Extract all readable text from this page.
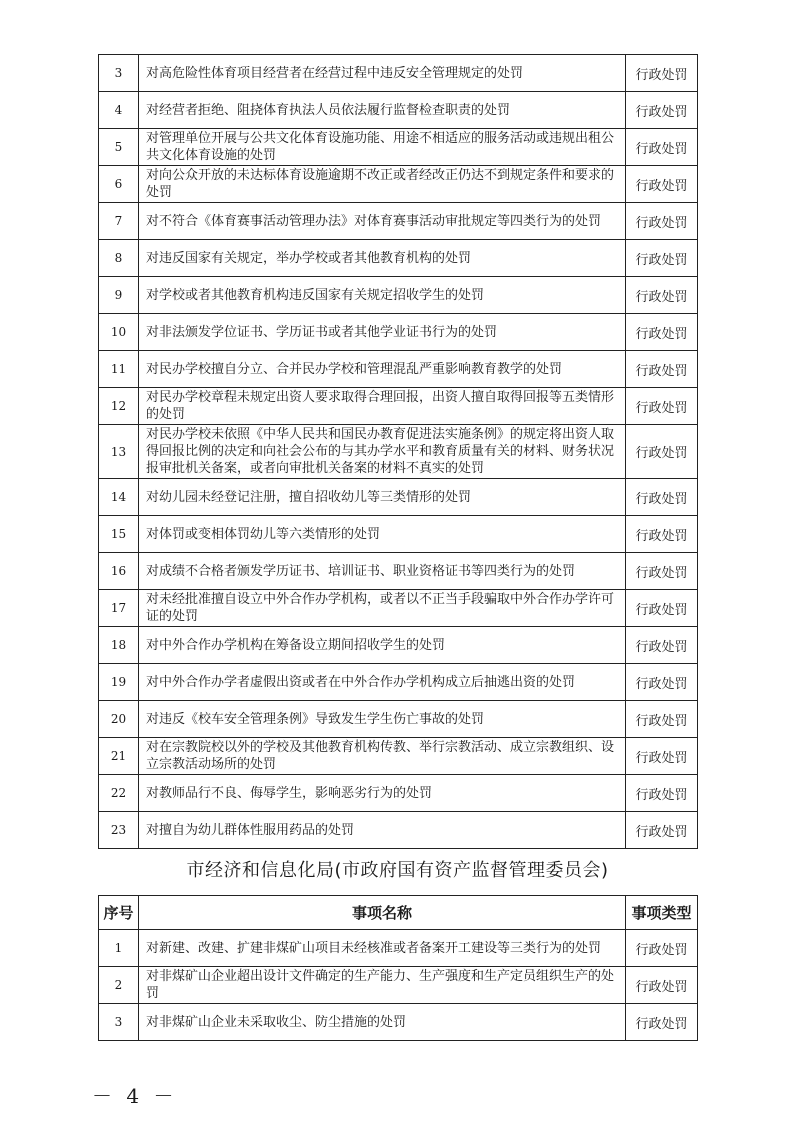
3	对高危险性体育项目经营者在经营过程中违反安全管理规定的处罚	行政处罚
4	对经营者拒绝、阻挠体育执法人员依法履行监督检查职责的处罚	行政处罚
5	对管理单位开展与公共文化体育设施功能、用途不相适应的服务活动或违规出租公共文化体育设施的处罚	行政处罚
6	对向公众开放的未达标体育设施逾期不改正或者经改正仍达不到规定条件和要求的处罚	行政处罚
7	对不符合《体育赛事活动管理办法》对体育赛事活动审批规定等四类行为的处罚	行政处罚
8	对违反国家有关规定，举办学校或者其他教育机构的处罚	行政处罚
9	对学校或者其他教育机构违反国家有关规定招收学生的处罚	行政处罚
10	对非法颁发学位证书、学历证书或者其他学业证书行为的处罚	行政处罚
11	对民办学校擅自分立、合并民办学校和管理混乱严重影响教育教学的处罚	行政处罚
12	对民办学校章程未规定出资人要求取得合理回报，出资人擅自取得回报等五类情形的处罚	行政处罚
13	对民办学校未依照《中华人民共和国民办教育促进法实施条例》的规定将出资人取得回报比例的决定和向社会公布的与其办学水平和教育质量有关的材料、财务状况报审批机关备案，或者向审批机关备案的材料不真实的处罚	行政处罚
14	对幼儿园未经登记注册，擅自招收幼儿等三类情形的处罚	行政处罚
15	对体罚或变相体罚幼儿等六类情形的处罚	行政处罚
16	对成绩不合格者颁发学历证书、培训证书、职业资格证书等四类行为的处罚	行政处罚
17	对未经批准擅自设立中外合作办学机构，或者以不正当手段骗取中外合作办学许可证的处罚	行政处罚
18	对中外合作办学机构在筹备设立期间招收学生的处罚	行政处罚
19	对中外合作办学者虚假出资或者在中外合作办学机构成立后抽逃出资的处罚	行政处罚
20	对违反《校车安全管理条例》导致发生学生伤亡事故的处罚	行政处罚
21	对在宗教院校以外的学校及其他教育机构传教、举行宗教活动、成立宗教组织、设立宗教活动场所的处罚	行政处罚
22	对教师品行不良、侮辱学生，影响恶劣行为的处罚	行政处罚
23	对擅自为幼儿群体性服用药品的处罚	行政处罚
市经济和信息化局(市政府国有资产监督管理委员会)
序号	事项名称	事项类型
1	对新建、改建、扩建非煤矿山项目未经核准或者备案开工建设等三类行为的处罚	行政处罚
2	对非煤矿山企业超出设计文件确定的生产能力、生产强度和生产定员组织生产的处罚	行政处罚
3	对非煤矿山企业未采取收尘、防尘措施的处罚	行政处罚
－ 4 －
